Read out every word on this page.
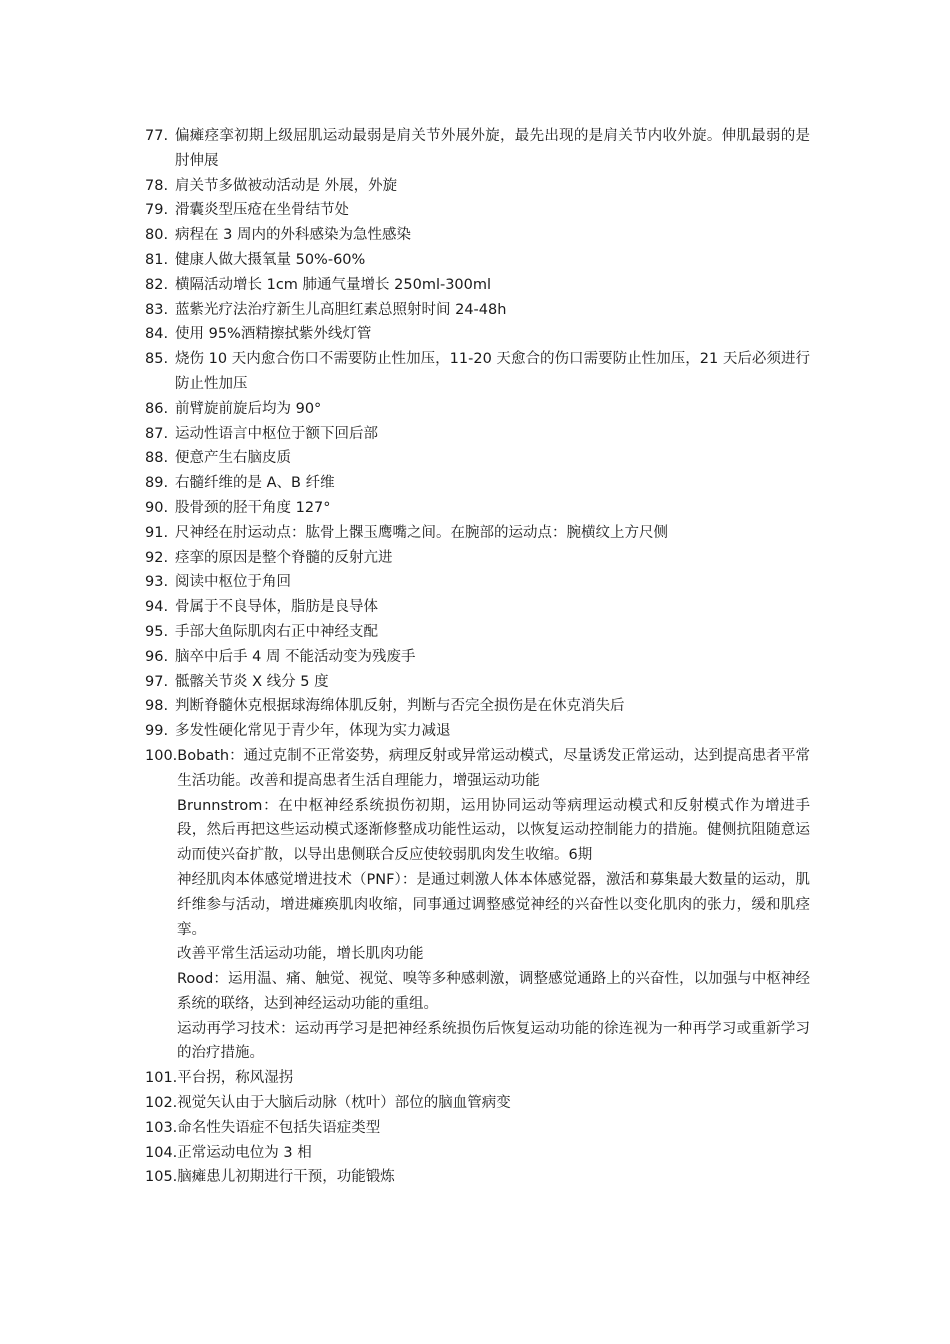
77. 偏瘫痉挛初期上级屈肌运动最弱是肩关节外展外旋，最先出现的是肩关节内收外旋。伸肌最弱的是肘伸展
78. 肩关节多做被动活动是 外展，外旋
79. 滑囊炎型压疮在坐骨结节处
80. 病程在 3 周内的外科感染为急性感染
81. 健康人做大摄氧量 50%-60%
82. 横隔活动增长 1cm 肺通气量增长 250ml-300ml
83. 蓝紫光疗法治疗新生儿高胆红素总照射时间 24-48h
84. 使用 95%酒精擦拭紫外线灯管
85. 烧伤 10 天内愈合伤口不需要防止性加压，11-20 天愈合的伤口需要防止性加压，21 天后必须进行防止性加压
86. 前臂旋前旋后均为 90°
87. 运动性语言中枢位于额下回后部
88. 便意产生右脑皮质
89. 右髓纤维的是 A、B 纤维
90. 股骨颈的胫干角度 127°
91. 尺神经在肘运动点：肱骨上髁玉鹰嘴之间。在腕部的运动点：腕横纹上方尺侧
92. 痉挛的原因是整个脊髓的反射亢进
93. 阅读中枢位于角回
94. 骨属于不良导体，脂肪是良导体
95. 手部大鱼际肌肉右正中神经支配
96. 脑卒中后手 4 周 不能活动变为残废手
97. 骶髂关节炎 X 线分 5 度
98. 判断脊髓休克根据球海绵体肌反射，判断与否完全损伤是在休克消失后
99. 多发性硬化常见于青少年，体现为实力减退
100. Bobath：通过克制不正常姿势，病理反射或异常运动模式，尽量诱发正常运动，达到提高患者平常生活功能。改善和提高患者生活自理能力，增强运动功能
Brunnstrom：在中枢神经系统损伤初期，运用协同运动等病理运动模式和反射模式作为增进手段，然后再把这些运动模式逐渐修整成功能性运动，以恢复运动控制能力的措施。健侧抗阻随意运动而使兴奋扩散，以导出患侧联合反应使较弱肌肉发生收缩。6期
神经肌肉本体感觉增进技术（PNF）：是通过刺激人体本体感觉器，激活和募集最大数量的运动，肌纤维参与活动，增进瘫痪肌肉收缩，同事通过调整感觉神经的兴奋性以变化肌肉的张力，缓和肌痉挛。
改善平常生活运动功能，增长肌肉功能
Rood：运用温、痛、触觉、视觉、嗅等多种感刺激，调整感觉通路上的兴奋性，以加强与中枢神经系统的联络，达到神经运动功能的重组。
运动再学习技术：运动再学习是把神经系统损伤后恢复运动功能的徐连视为一种再学习或重新学习的治疗措施。
101. 平台拐，称风湿拐
102. 视觉矢认由于大脑后动脉（枕叶）部位的脑血管病变
103. 命名性失语症不包括失语症类型
104. 正常运动电位为 3 相
105. 脑瘫患儿初期进行干预，功能锻炼
